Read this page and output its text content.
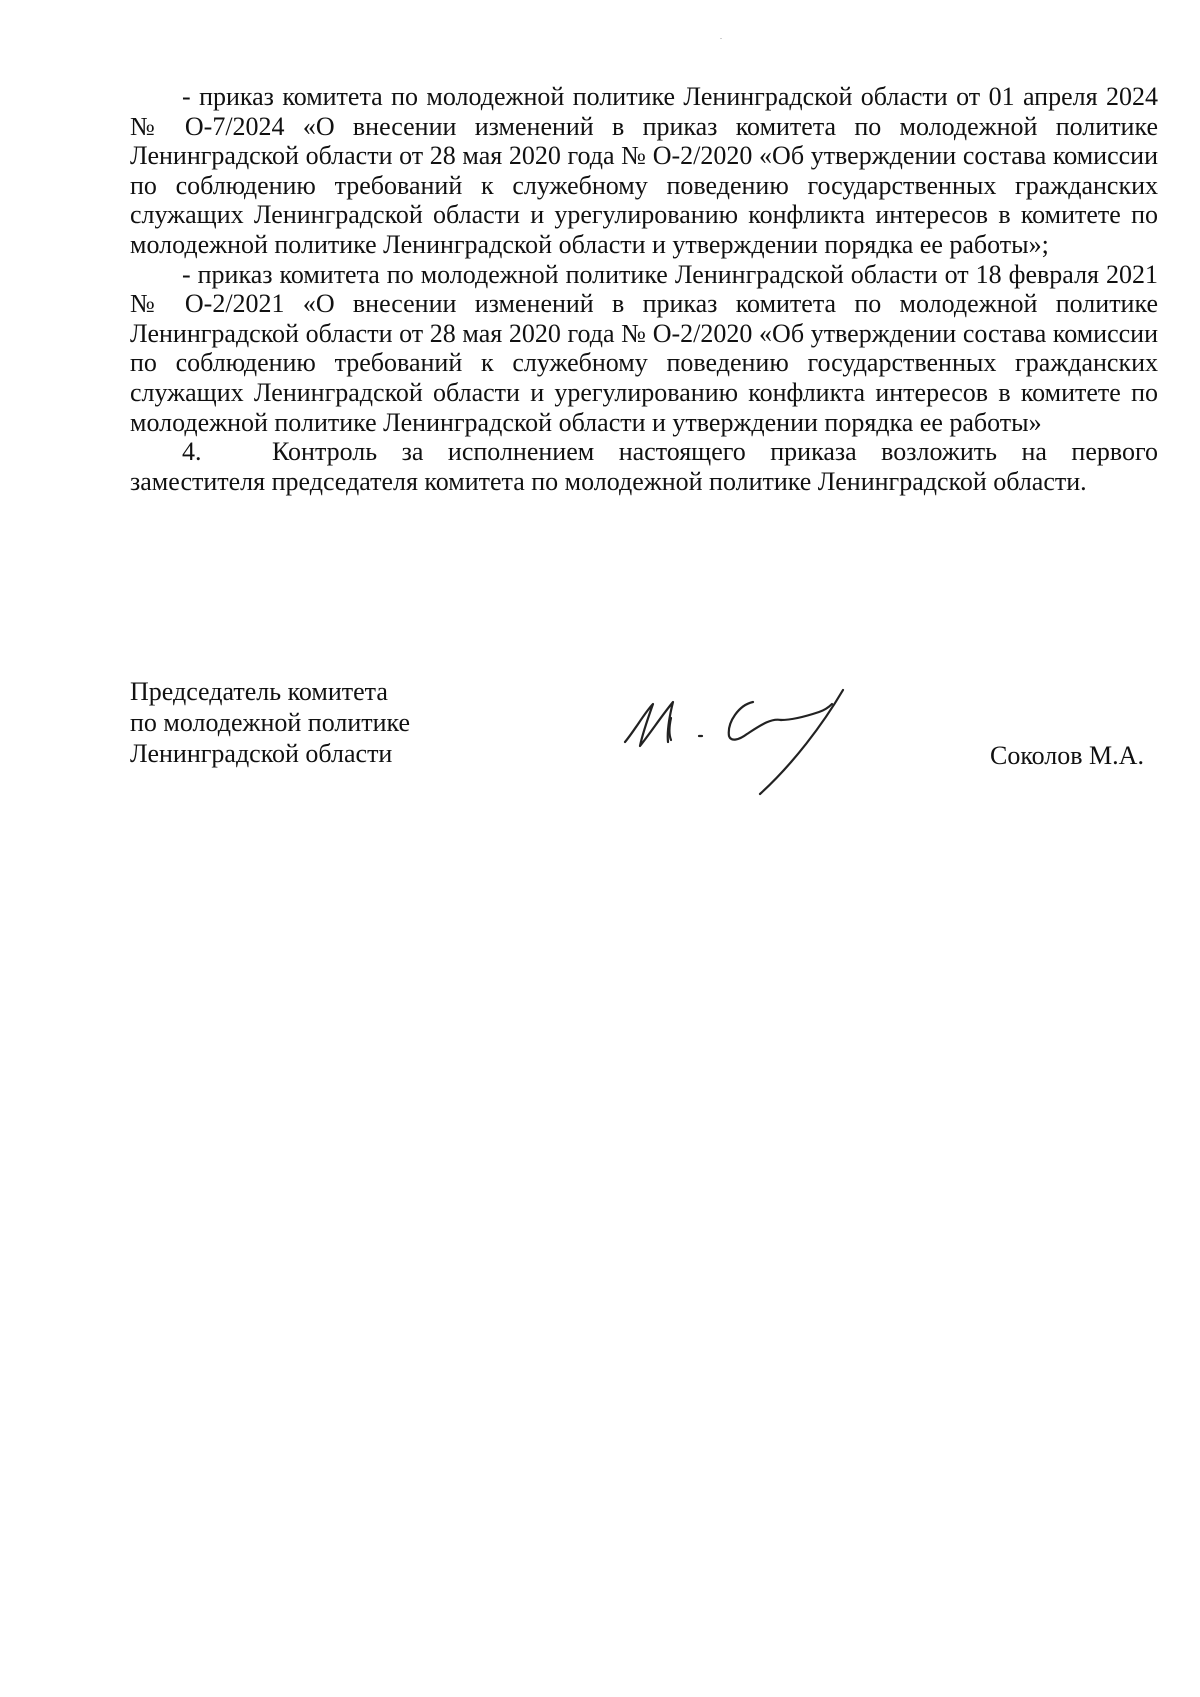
- приказ комитета по молодежной политике Ленинградской области от 01 апреля 2024 № О-7/2024 «О внесении изменений в приказ комитета по молодежной политике Ленинградской области от 28 мая 2020 года № О-2/2020 «Об утверждении состава комиссии по соблюдению требований к служебному поведению государственных гражданских служащих Ленинградской области и урегулированию конфликта интересов в комитете по молодежной политике Ленинградской области и утверждении порядка ее работы»;

- приказ комитета по молодежной политике Ленинградской области от 18 февраля 2021 № О-2/2021 «О внесении изменений в приказ комитета по молодежной политике Ленинградской области от 28 мая 2020 года № О-2/2020 «Об утверждении состава комиссии по соблюдению требований к служебному поведению государственных гражданских служащих Ленинградской области и урегулированию конфликта интересов в комитете по молодежной политике Ленинградской области и утверждении порядка ее работы»

4.	Контроль за исполнением настоящего приказа возложить на первого заместителя председателя комитета по молодежной политике Ленинградской области.

Председатель комитета
по молодежной политике
Ленинградской области	Соколов М.А.
